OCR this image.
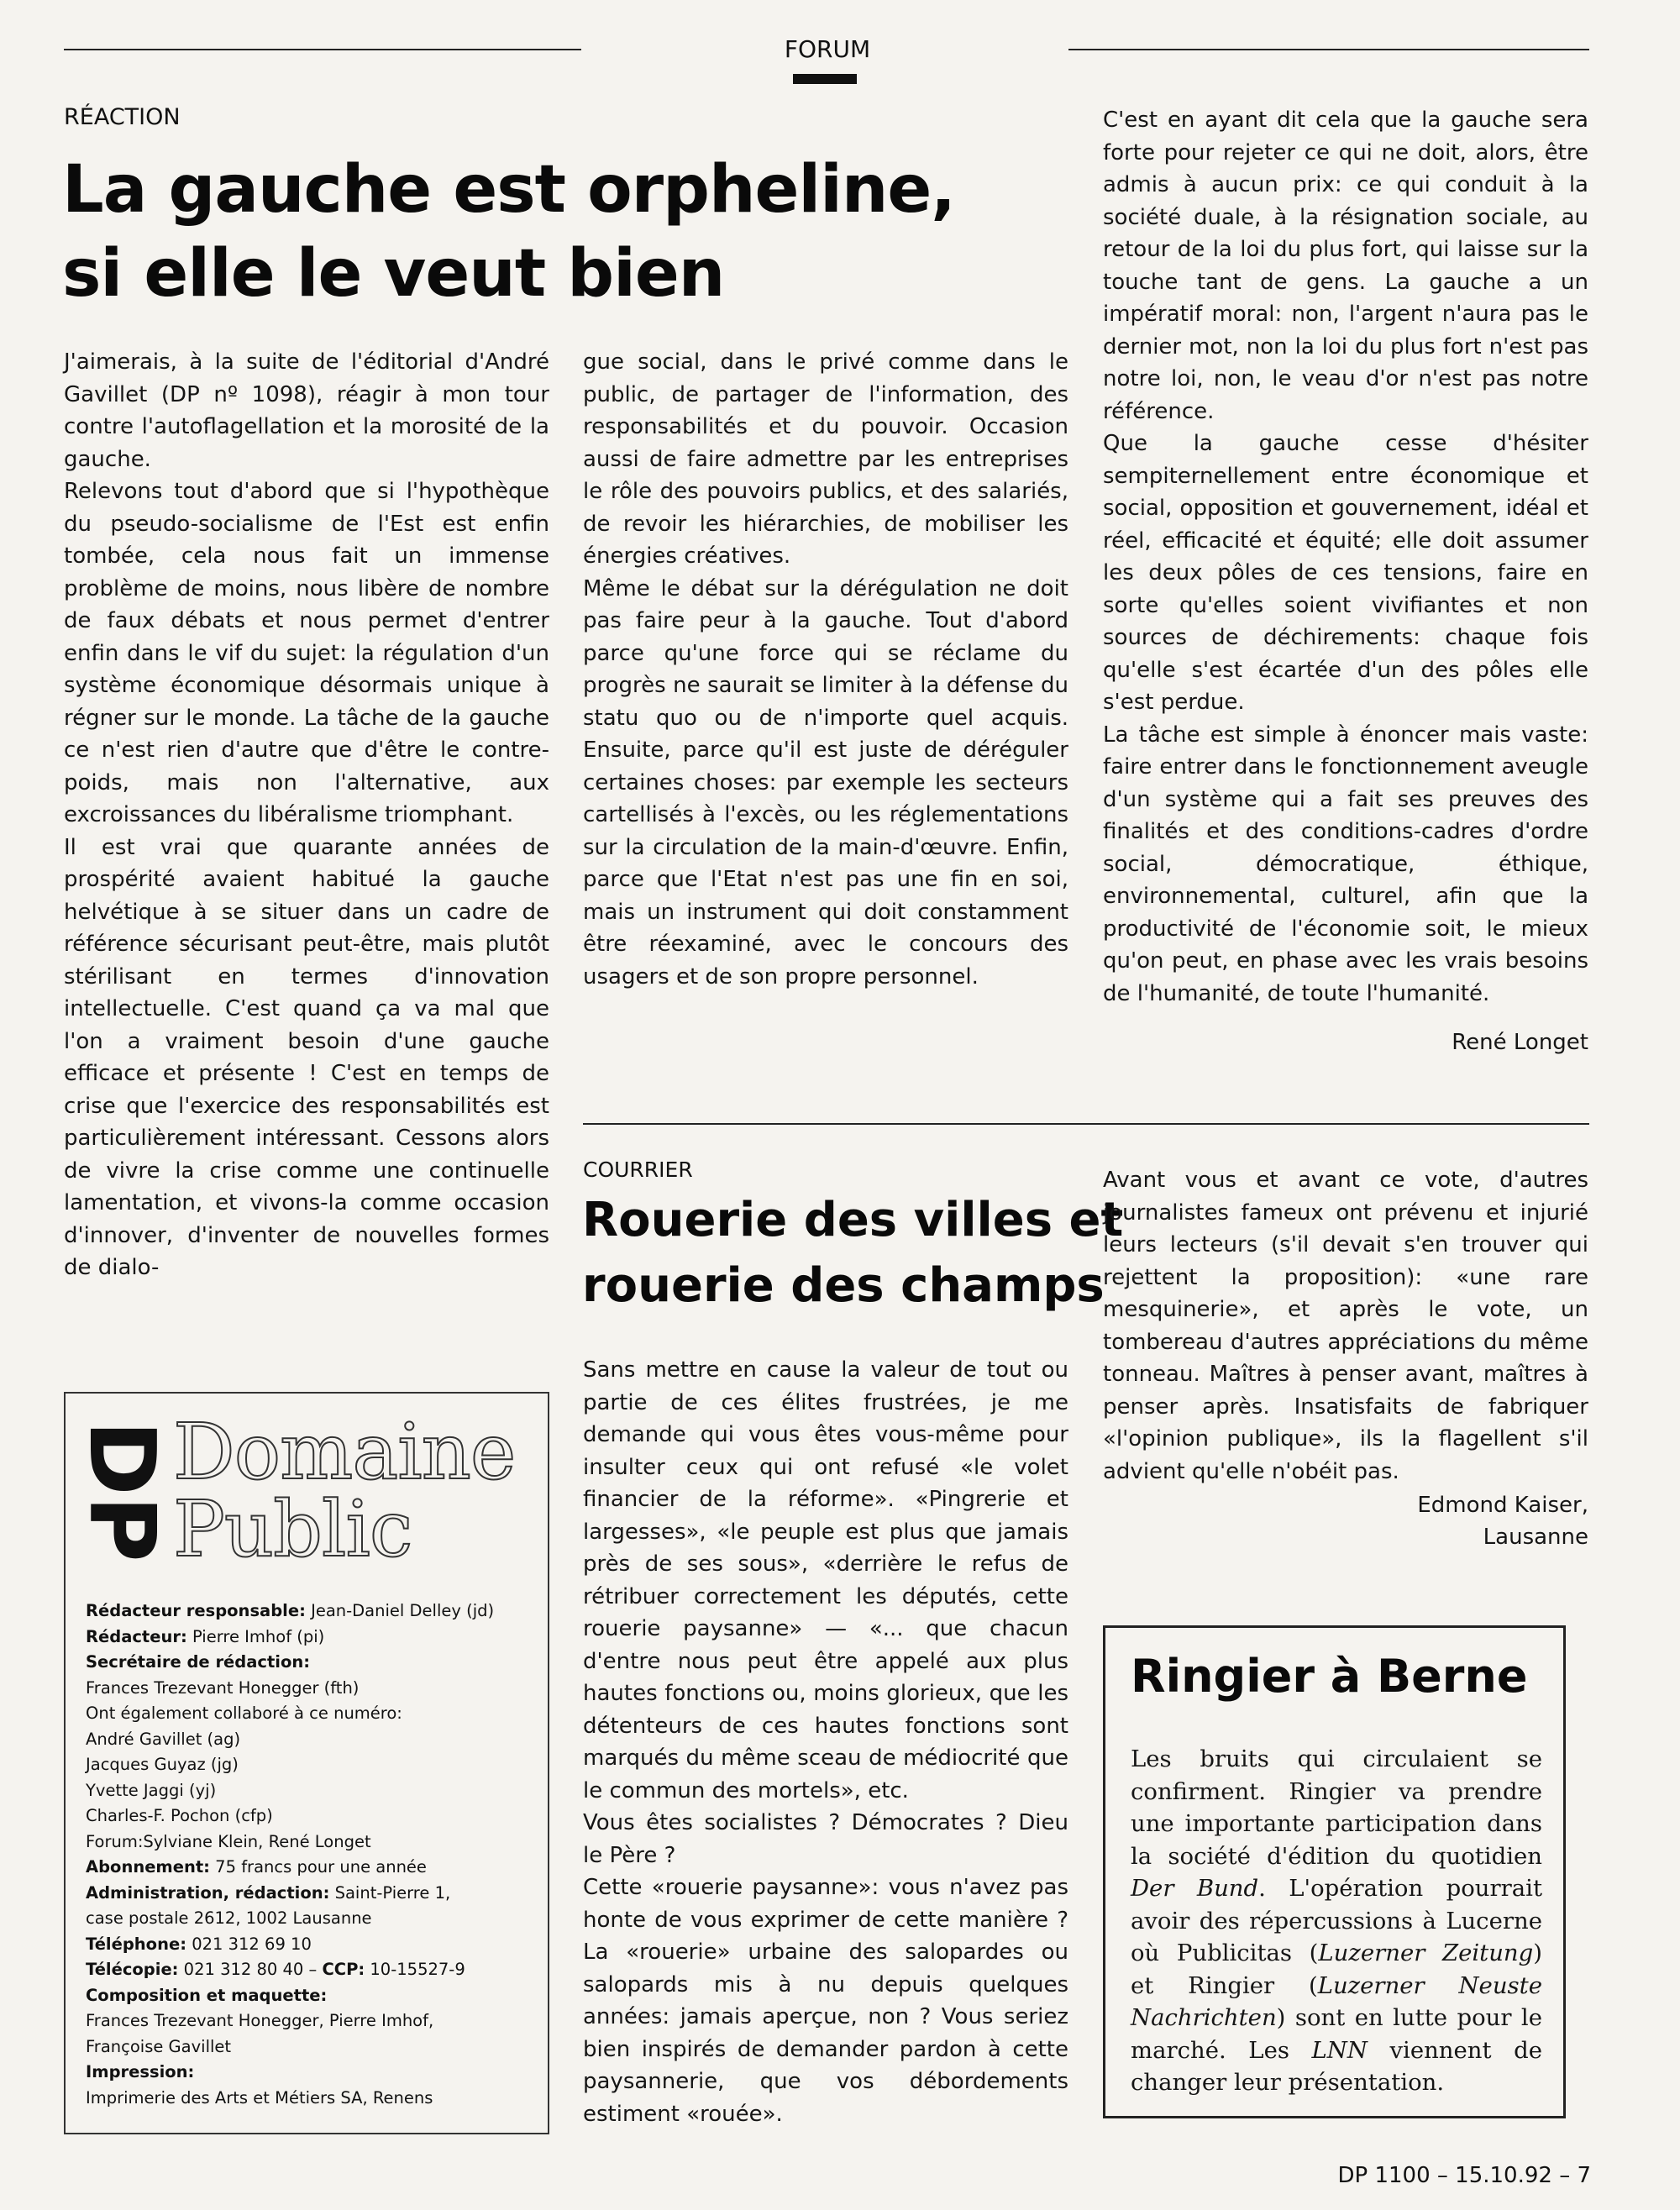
FORUM
RÉACTION
La gauche est orpheline,
si elle le veut bien

J'aimerais, à la suite de l'éditorial d'André Gavillet (DP nº 1098), réagir à mon tour contre l'autoflagellation et la morosité de la gauche.

Relevons tout d'abord que si l'hypothèque du pseudo-socialisme de l'Est est enfin tombée, cela nous fait un immense problème de moins, nous libère de nombre de faux débats et nous permet d'entrer enfin dans le vif du sujet: la régulation d'un système économique désormais unique à régner sur le monde. La tâche de la gauche ce n'est rien d'autre que d'être le contre-poids, mais non l'alternative, aux excroissances du libéralisme triomphant.

Il est vrai que quarante années de prospérité avaient habitué la gauche helvétique à se situer dans un cadre de référence sécurisant peut-être, mais plutôt stérilisant en termes d'innovation intellectuelle. C'est quand ça va mal que l'on a vraiment besoin d'une gauche efficace et présente ! C'est en temps de crise que l'exercice des responsabilités est particulièrement intéressant. Cessons alors de vivre la crise comme une continuelle lamentation, et vivons-la comme occasion d'innover, d'inventer de nouvelles formes de dialo-

gue social, dans le privé comme dans le public, de partager de l'information, des responsabilités et du pouvoir. Occasion aussi de faire admettre par les entreprises le rôle des pouvoirs publics, et des salariés, de revoir les hiérarchies, de mobiliser les énergies créatives.

Même le débat sur la dérégulation ne doit pas faire peur à la gauche. Tout d'abord parce qu'une force qui se réclame du progrès ne saurait se limiter à la défense du statu quo ou de n'importe quel acquis. Ensuite, parce qu'il est juste de déréguler certaines choses: par exemple les secteurs cartellisés à l'excès, ou les réglementations sur la circulation de la main-d'œuvre. Enfin, parce que l'Etat n'est pas une fin en soi, mais un instrument qui doit constamment être réexaminé, avec le concours des usagers et de son propre personnel.

C'est en ayant dit cela que la gauche sera forte pour rejeter ce qui ne doit, alors, être admis à aucun prix: ce qui conduit à la société duale, à la résignation sociale, au retour de la loi du plus fort, qui laisse sur la touche tant de gens. La gauche a un impératif moral: non, l'argent n'aura pas le dernier mot, non la loi du plus fort n'est pas notre loi, non, le veau d'or n'est pas notre référence.

Que la gauche cesse d'hésiter sempiternellement entre économique et social, opposition et gouvernement, idéal et réel, efficacité et équité; elle doit assumer les deux pôles de ces tensions, faire en sorte qu'elles soient vivifiantes et non sources de déchirements: chaque fois qu'elle s'est écartée d'un des pôles elle s'est perdue.

La tâche est simple à énoncer mais vaste: faire entrer dans le fonctionnement aveugle d'un système qui a fait ses preuves des finalités et des conditions-cadres d'ordre social, démocratique, éthique, environnemental, culturel, afin que la productivité de l'économie soit, le mieux qu'on peut, en phase avec les vrais besoins de l'humanité, de toute l'humanité.

René Longet
COURRIER
Rouerie des villes et
rouerie des champs

Sans mettre en cause la valeur de tout ou partie de ces élites frustrées, je me demande qui vous êtes vous-même pour insulter ceux qui ont refusé «le volet financier de la réforme». «Pingrerie et largesses», «le peuple est plus que jamais près de ses sous», «derrière le refus de rétribuer correctement les députés, cette rouerie paysanne» — «... que chacun d'entre nous peut être appelé aux plus hautes fonctions ou, moins glorieux, que les détenteurs de ces hautes fonctions sont marqués du même sceau de médiocrité que le commun des mortels», etc.

Vous êtes socialistes ? Démocrates ? Dieu le Père ?

Cette «rouerie paysanne»: vous n'avez pas honte de vous exprimer de cette manière ? La «rouerie» urbaine des salopardes ou salopards mis à nu depuis quelques années: jamais aperçue, non ? Vous seriez bien inspirés de demander pardon à cette paysannerie, que vos débordements estiment «rouée».

Avant vous et avant ce vote, d'autres journalistes fameux ont prévenu et injurié leurs lecteurs (s'il devait s'en trouver qui rejettent la proposition): «une rare mesquinerie», et après le vote, un tombereau d'autres appréciations du même tonneau. Maîtres à penser avant, maîtres à penser après. Insatisfaits de fabriquer «l'opinion publique», ils la flagellent s'il advient qu'elle n'obéit pas.

Edmond Kaiser,
Lausanne
DP Domaine
Public
Rédacteur responsable: Jean-Daniel Delley (jd)
Rédacteur: Pierre Imhof (pi)
Secrétaire de rédaction:
Frances Trezevant Honegger (fth)
Ont également collaboré à ce numéro:
André Gavillet (ag)
Jacques Guyaz (jg)
Yvette Jaggi (yj)
Charles-F. Pochon (cfp)
Forum:Sylviane Klein, René Longet
Abonnement: 75 francs pour une année
Administration, rédaction: Saint-Pierre 1,
case postale 2612, 1002 Lausanne
Téléphone: 021 312 69 10
Télécopie: 021 312 80 40 – CCP: 10-15527-9
Composition et maquette:
Frances Trezevant Honegger, Pierre Imhof,
Françoise Gavillet
Impression:
Imprimerie des Arts et Métiers SA, Renens
Ringier à Berne
Les bruits qui circulaient se confirment. Ringier va prendre une importante participation dans la société d'édition du quotidien Der Bund. L'opération pourrait avoir des répercussions à Lucerne où Publicitas (Luzerner Zeitung) et Ringier (Luzerner Neuste Nachrichten) sont en lutte pour le marché. Les LNN viennent de changer leur présentation.
DP 1100 – 15.10.92 – 7
